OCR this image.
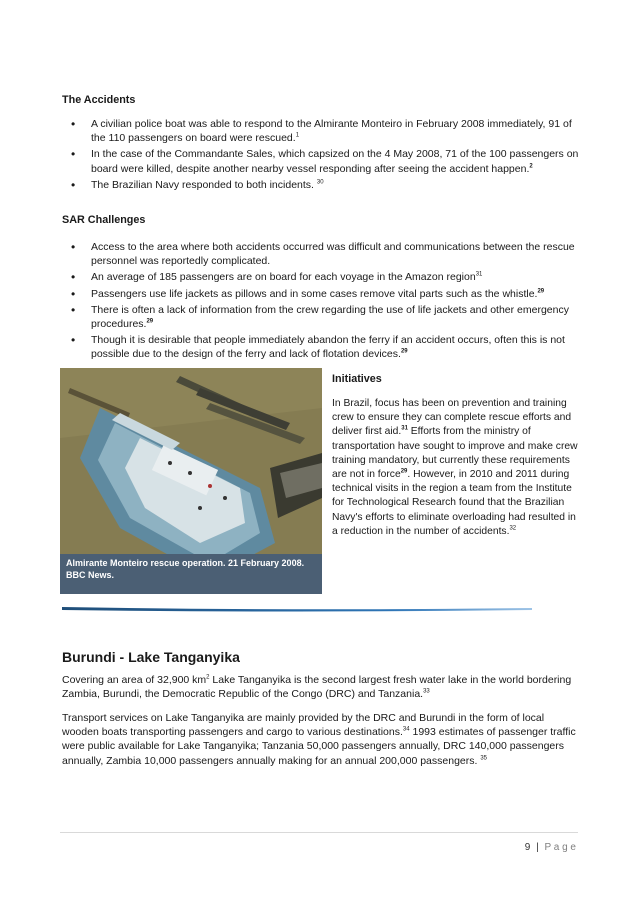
The Accidents
• A civilian police boat was able to respond to the Almirante Monteiro in February 2008 immediately, 91 of the 110 passengers on board were rescued.$^1$
• In the case of the Commandante Sales, which capsized on the 4 May 2008, 71 of the 100 passengers on board were killed, despite another nearby vessel responding after seeing the accident happen.$^2$
• The Brazilian Navy responded to both incidents. $^{30}$
SAR Challenges
• Access to the area where both accidents occurred was difficult and communications between the rescue personnel was reportedly complicated.
• An average of 185 passengers are on board for each voyage in the Amazon region$^{31}$
• Passengers use life jackets as pillows and in some cases remove vital parts such as the whistle.$^{29}$
• There is often a lack of information from the crew regarding the use of life jackets and other emergency procedures.$^{29}$
• Though it is desirable that people immediately abandon the ferry if an accident occurs, often this is not possible due to the design of the ferry and lack of flotation devices.$^{29}$
Almirante Monteiro rescue operation. 21 February 2008. BBC News.
Initiatives

In Brazil, focus has been on prevention and training crew to ensure they can complete rescue efforts and deliver first aid.$^{31}$ Efforts from the ministry of transportation have sought to improve and make crew training mandatory, but currently these requirements are not in force$^{29}$. However, in 2010 and 2011 during technical visits in the region a team from the Institute for Technological Research found that the Brazilian Navy's efforts to eliminate overloading had resulted in a reduction in the number of accidents.$^{32}$

Burundi - Lake Tanganyika

Covering an area of 32,900 $km^2$ Lake Tanganyika is the second largest fresh water lake in the world bordering Zambia, Burundi, the Democratic Republic of the Congo (DRC) and Tanzania.$^{33}$

Transport services on Lake Tanganyika are mainly provided by the DRC and Burundi in the form of local wooden boats transporting passengers and cargo to various destinations.$^{34}$ 1993 estimates of passenger traffic were public available for Lake Tanganyika; Tanzania 50,000 passengers annually, DRC 140,000 passengers annually, Zambia 10,000 passengers annually making for an annual 200,000 passengers. $^{35}$

9 | P a g e
